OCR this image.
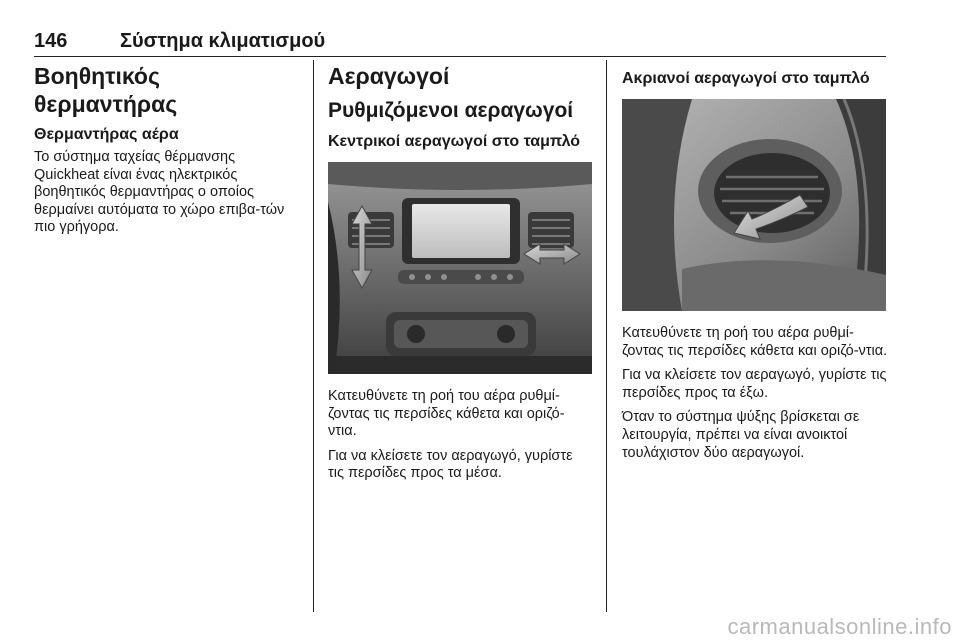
146	Σύστημα κλιματισμού
Βοηθητικός θερμαντήρας
Θερμαντήρας αέρα

Το σύστημα ταχείας θέρμανσης Quickheat είναι ένας ηλεκτρικός βοηθητικός θερμαντήρας ο οποίος θερμαίνει αυτόματα το χώρο επιβα-τών πιο γρήγορα.

Αεραγωγοί
Ρυθμιζόμενοι αεραγωγοί
Κεντρικοί αεραγωγοί στο ταμπλό

Κατευθύνετε τη ροή του αέρα ρυθμί-ζοντας τις περσίδες κάθετα και οριζό-ντια.

Για να κλείσετε τον αεραγωγό, γυρίστε τις περσίδες προς τα μέσα.

Ακριανοί αεραγωγοί στο ταμπλό

Κατευθύνετε τη ροή του αέρα ρυθμί-ζοντας τις περσίδες κάθετα και οριζό-ντια.

Για να κλείσετε τον αεραγωγό, γυρίστε τις περσίδες προς τα έξω.

Όταν το σύστημα ψύξης βρίσκεται σε λειτουργία, πρέπει να είναι ανοικτοί τουλάχιστον δύο αεραγωγοί.

carmanualsonline.info
